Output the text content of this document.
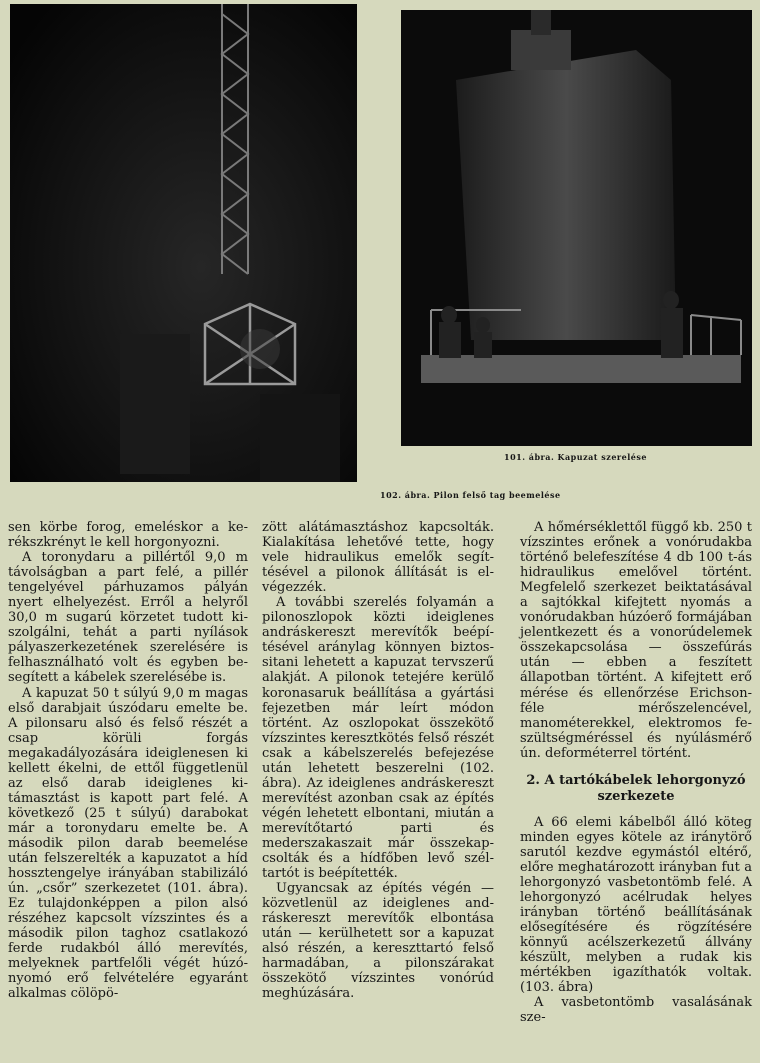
101. ábra. Kapuzat szerelése
102. ábra. Pilon felső tag beemelése

sen körbe forog, emeléskor a kerékszkrényt le kell horgonyozni.

A toronydaru a pillértől 9,0 m távolságban a part felé, a pillér tengelyével párhuzamos pályán nyert elhelyezést. Erről a helyről 30,0 m sugarú körzetet tudott kiszolgálni, tehát a parti nyílások pályaszerkezetének szerelésére is felhasználható volt és egyben besegített a kábelek szerelésébe is.

A kapuzat 50 t súlyú 9,0 m magas első darabjait úszódaru emelte be. A pilonsaru alsó és felső részét a csap körüli forgás megakadályozására ideiglenesen ki kellett ékelni, de ettől függetlenül az első darab ideiglenes kitámasztást is kapott part felé. A következő (25 t súlyú) darabokat már a toronydaru emelte be. A második pilon darab beemelése után felszerelték a kapuzatot a híd hossztengelye irányában stabilizáló ún. „csőr” szerkezetet (101. ábra). Ez tulajdonképpen a pilon alsó részéhez kapcsolt vízszintes és a második pilon taghoz csatlakozó ferde rudakból álló merevítés, melyeknek partfelőli végét húzó-nyomó erő felvételére egyaránt alkalmas cölöpö-

zött alátámasztáshoz kapcsolták. Kialakítása lehetővé tette, hogy vele hidraulikus emelők segíttésével a pilonok állítását is elvégezzék.

A további szerelés folyamán a pilonoszlopok közti ideiglenes andráskereszt merevítők beépítésével aránylag könnyen biztossitani lehetett a kapuzat tervszerű alakját. A pilonok tetejére kerülő koronasaruk beállítása a gyártási fejezetben már leírt módon történt. Az oszlopokat összekötő vízszintes keresztkötés felső részét csak a kábelszerelés befejezése után lehetett beszerelni (102. ábra). Az ideiglenes andráskereszt merevítést azonban csak az építés végén lehetett elbontani, miután a merevítőtartó parti és mederszakaszait már összekapcsolták és a hídfőben levő széltartót is beépítették.

Ugyancsak az építés végén — közvetlenül az ideiglenes andráskereszt merevítők elbontása után — kerülhetett sor a kapuzat alsó részén, a kereszttartó felső harmadában, a pilonszárakat összekötő vízszintes vonórúd meghúzására.

A hőmérséklettől függő kb. 250 t vízszintes erőnek a vonórudakba történő belefeszítése 4 db 100 t-ás hidraulikus emelővel történt. Megfelelő szerkezet beiktatásával a sajtókkal kifejtett nyomás a vonórudakban húzóerő formájában jelentkezett és a vonorúdelemek összekapcsolása — összefúrás után — ebben a feszített állapotban történt. A kifejtett erő mérése és ellenőrzése Erichson-féle mérőszelencével, manométerekkel, elektromos feszültségméréssel és nyúlásmérő ún. deforméterrel történt.

2. A tartókábelek lehorgonyzó szerkezete

A 66 elemi kábelből álló köteg minden egyes kötele az iránytörő sarutól kezdve egymástól eltérő, előre meghatározott irányban fut a lehorgonyzó vasbetontömb felé. A lehorgonyzó acélrudak helyes irányban történő beállításának elősegítésére és rögzítésére könnyű acélszerkezetű állvány készült, melyben a rudak kis mértékben igazíthatók voltak. (103. ábra)

A vasbetontömb vasalásának sze-
